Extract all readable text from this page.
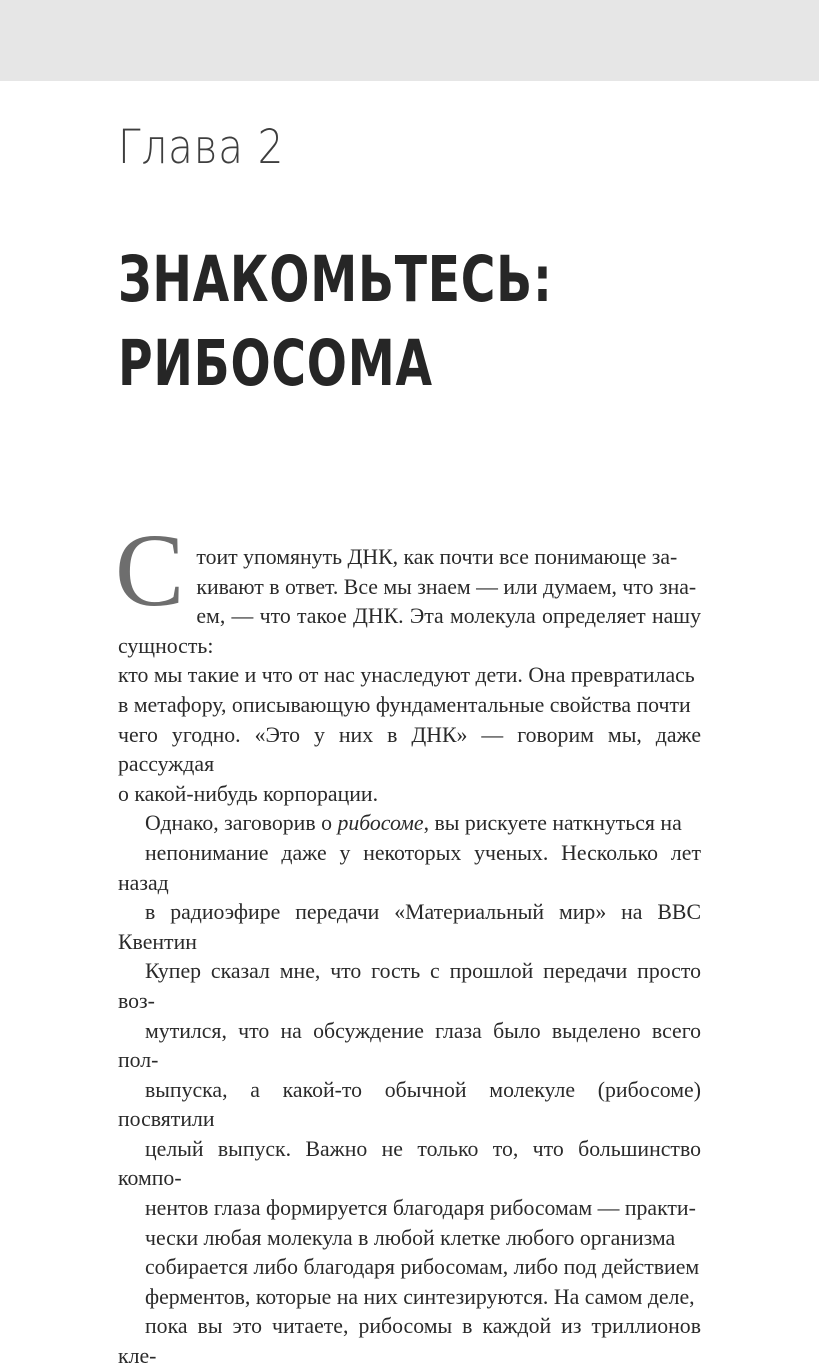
Глава 2
ЗНАКОМЬТЕСЬ:
РИБОСОМА

С тоит упомянуть ДНК, как почти все понимающе за-
кивают в ответ. Все мы знаем — или думаем, что зна-
ем, — что такое ДНК. Эта молекула определяет нашу сущность:
кто мы такие и что от нас унаследуют дети. Она превратилась
в метафору, описывающую фундаментальные свойства почти
чего угодно. «Это у них в ДНК» — говорим мы, даже рассуждая
о какой-нибудь корпорации.

Однако, заговорив о рибосоме, вы рискуете наткнуться на
непонимание даже у некоторых ученых. Несколько лет назад
в радиоэфире передачи «Материальный мир» на BBC Квентин
Купер сказал мне, что гость с прошлой передачи просто воз-
мутился, что на обсуждение глаза было выделено всего пол-
выпуска, а какой-то обычной молекуле (рибосоме) посвятили
целый выпуск. Важно не только то, что большинство компо-
нентов глаза формируется благодаря рибосомам — практи-
чески любая молекула в любой клетке любого организма
собирается либо благодаря рибосомам, либо под действием
ферментов, которые на них синтезируются. На самом деле,
пока вы это читаете, рибосомы в каждой из триллионов кле-
